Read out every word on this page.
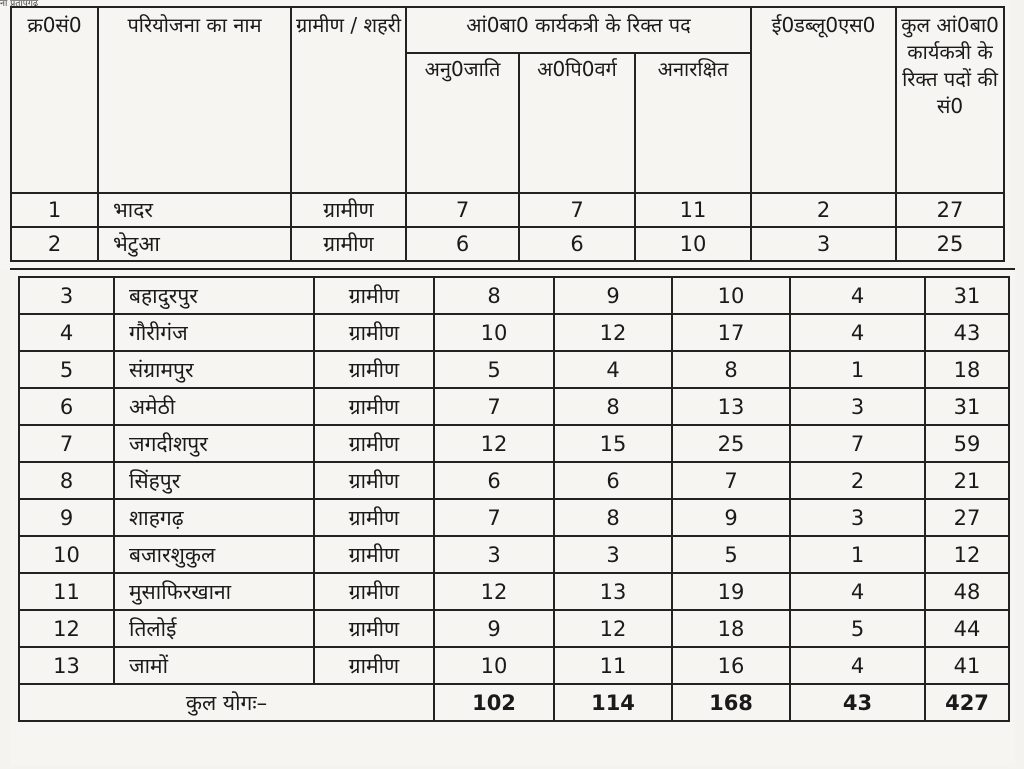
ना प्रतापगढ़
क्र0सं0	परियोजना का नाम	ग्रामीण / शहरी	आं0बा0 कार्यकत्री के रिक्त पद			ई0डब्लू0एस0	कुल आं0बा0 कार्यकत्री के रिक्त पदों की सं0
			अनु0जाति	अ0पि0वर्ग	अनारक्षित		
1	भादर	ग्रामीण	7	7	11	2	27
2	भेटुआ	ग्रामीण	6	6	10	3	25
3	बहादुरपुर	ग्रामीण	8	9	10	4	31
4	गौरीगंज	ग्रामीण	10	12	17	4	43
5	संग्रामपुर	ग्रामीण	5	4	8	1	18
6	अमेठी	ग्रामीण	7	8	13	3	31
7	जगदीशपुर	ग्रामीण	12	15	25	7	59
8	सिंहपुर	ग्रामीण	6	6	7	2	21
9	शाहगढ़	ग्रामीण	7	8	9	3	27
10	बजारशुकुल	ग्रामीण	3	3	5	1	12
11	मुसाफिरखाना	ग्रामीण	12	13	19	4	48
12	तिलोई	ग्रामीण	9	12	18	5	44
13	जामों	ग्रामीण	10	11	16	4	41
कुल योगः–			102	114	168	43	427
